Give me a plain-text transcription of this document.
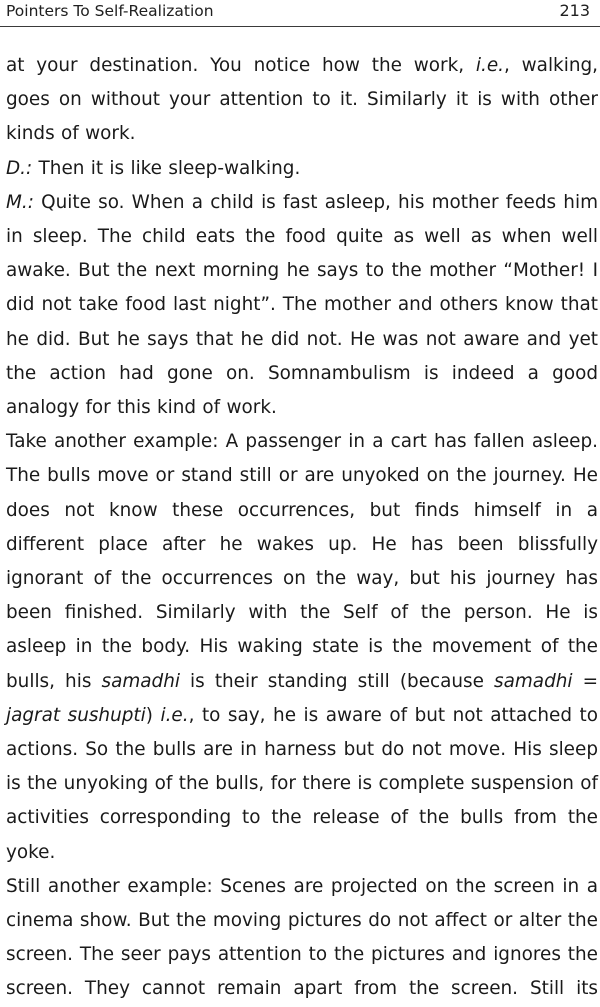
Pointers To Self-Realization	213

at your destination. You notice how the work, i.e., walking, goes on without your attention to it. Similarly it is with other kinds of work.

D.: Then it is like sleep-walking.

M.: Quite so. When a child is fast asleep, his mother feeds him in sleep. The child eats the food quite as well as when well awake. But the next morning he says to the mother “Mother! I did not take food last night”. The mother and others know that he did. But he says that he did not. He was not aware and yet the action had gone on. Somnambulism is indeed a good analogy for this kind of work.

Take another example: A passenger in a cart has fallen asleep. The bulls move or stand still or are unyoked on the journey. He does not know these occurrences, but finds himself in a different place after he wakes up. He has been blissfully ignorant of the occurrences on the way, but his journey has been finished. Similarly with the Self of the person. He is asleep in the body. His waking state is the movement of the bulls, his samadhi is their standing still (because samadhi = jagrat sushupti) i.e., to say, he is aware of but not attached to actions. So the bulls are in harness but do not move. His sleep is the unyoking of the bulls, for there is complete suspension of activities corresponding to the release of the bulls from the yoke.

Still another example: Scenes are projected on the screen in a cinema show. But the moving pictures do not affect or alter the screen. The seer pays attention to the pictures and ignores the screen. They cannot remain apart from the screen. Still its
